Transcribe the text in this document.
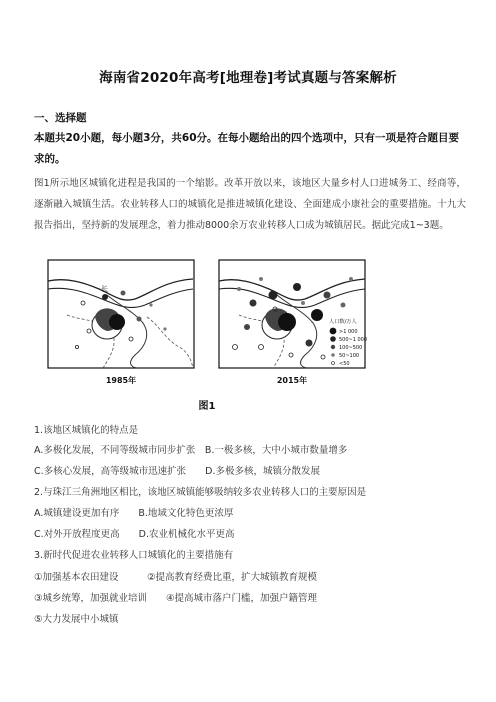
海南省2020年高考[地理卷]考试真题与答案解析
一、选择题
本题共20小题，每小题3分，共60分。在每小题给出的四个选项中，只有一项是符合题目要求的。
图1所示地区城镇化进程是我国的一个缩影。改革开放以来，该地区大量乡村人口进城务工、经商等，逐渐融入城镇生活。农业转移人口的城镇化是推进城镇化建设、全面建成小康社会的重要措施。十九大报告指出，坚持新的发展理念，着力推动8000余万农业转移人口成为城镇居民。据此完成1~3题。
长
人口数/万人
>1 000
500~1 000
100~500
50~100
<50
1985年	2015年
图1
1.该地区城镇化的特点是
A.多极化发展，不同等级城市同步扩张　B.一极多核，大中小城市数量增多
C.多核心发展，高等级城市迅速扩张　　D.多极多核，城镇分散发展
2.与珠江三角洲地区相比，该地区城镇能够吸纳较多农业转移人口的主要原因是
A.城镇建设更加有序　　B.地域文化特色更浓厚
C.对外开放程度更高　　D.农业机械化水平更高
3.新时代促进农业转移人口城镇化的主要措施有
①加强基本农田建设　　　②提高教育经费比重，扩大城镇教育规模
③城乡统筹，加强就业培训　　④提高城市落户门槛，加强户籍管理
⑤大力发展中小城镇
